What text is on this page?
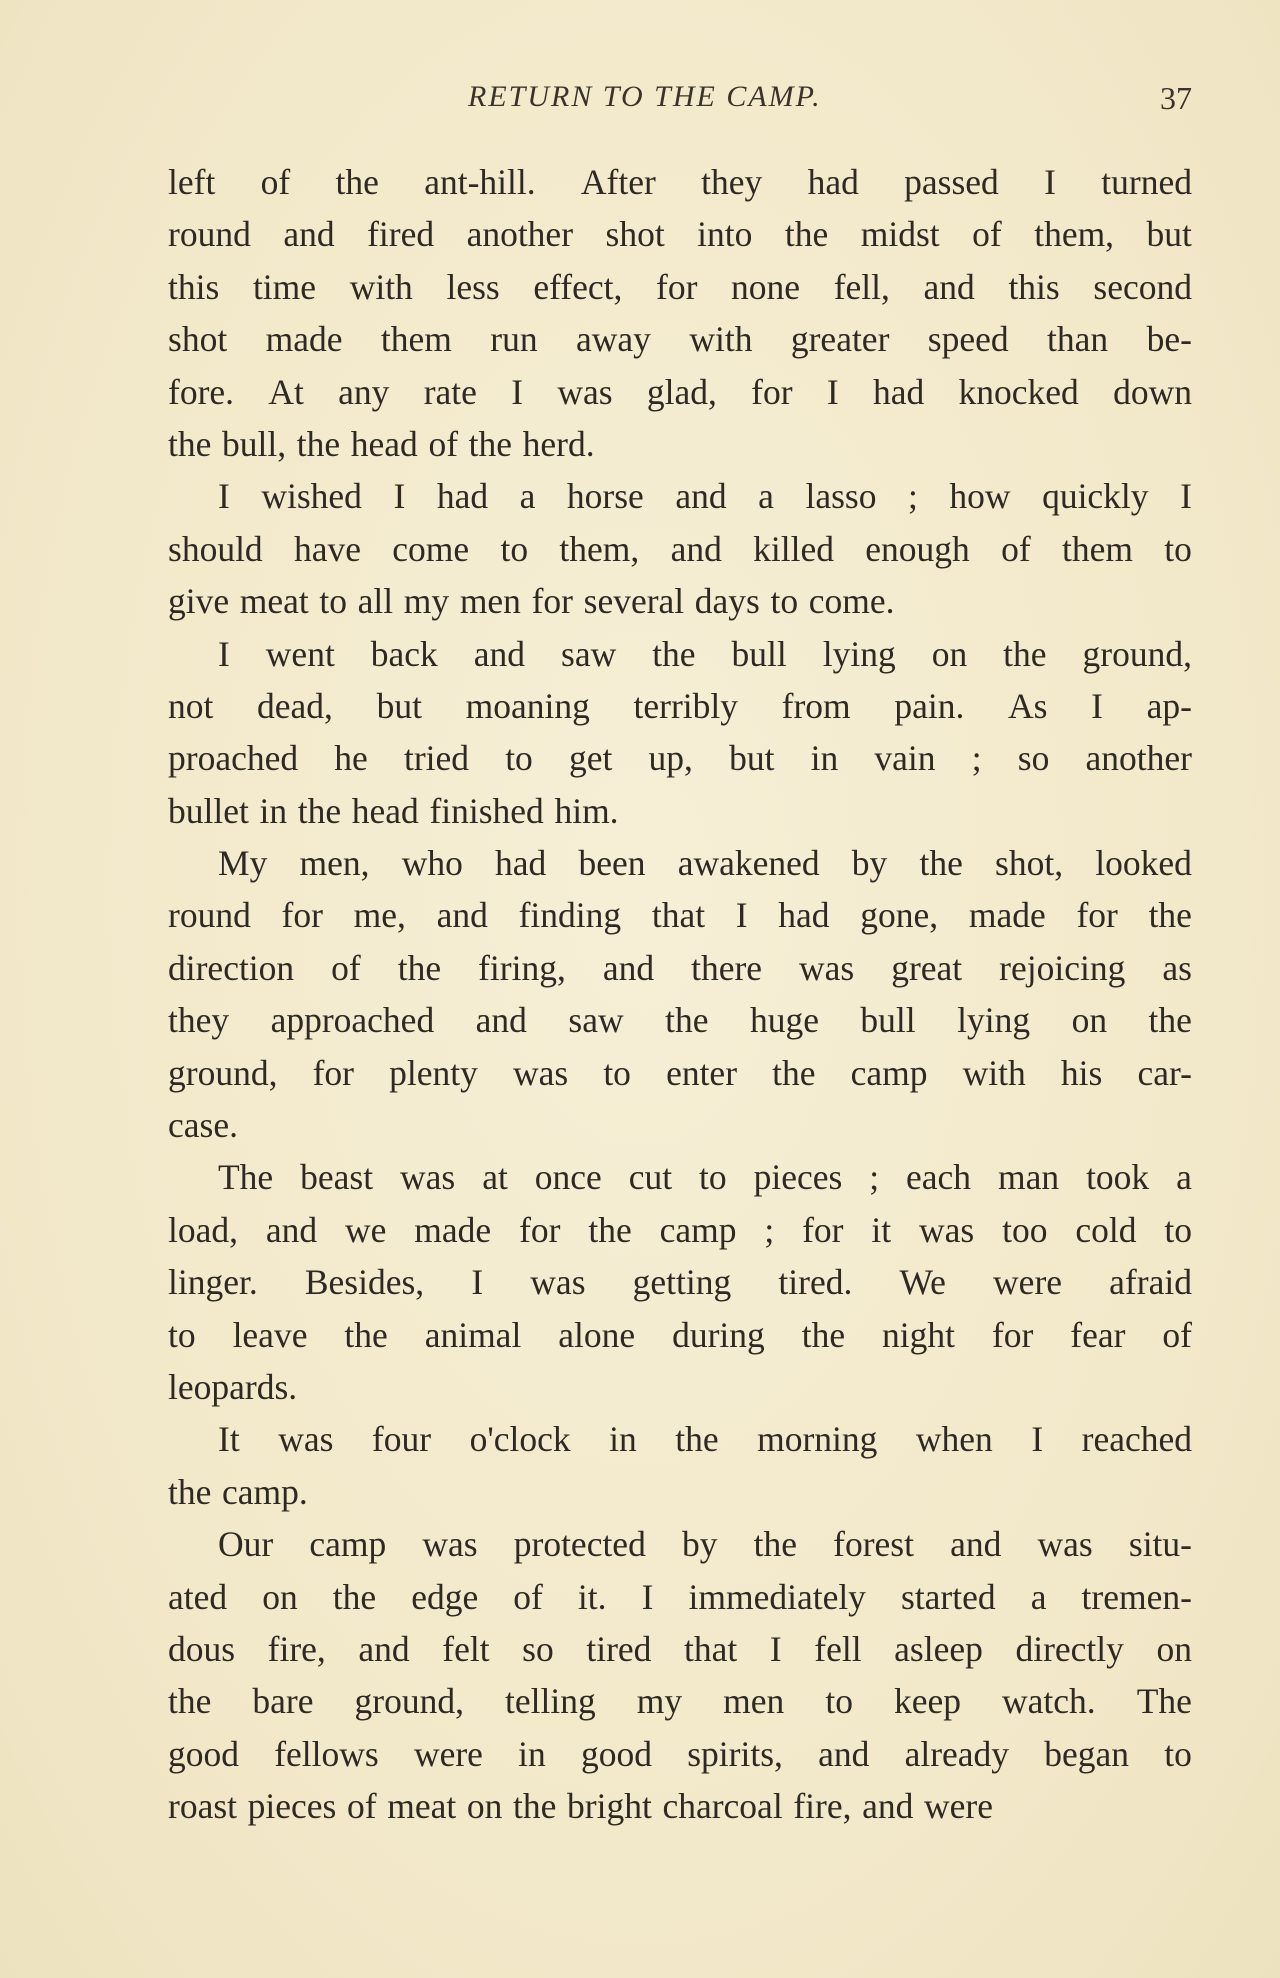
RETURN TO THE CAMP.	37
left of the ant-hill. After they had passed I turned
round and fired another shot into the midst of them, but
this time with less effect, for none fell, and this second
shot made them run away with greater speed than be-
fore. At any rate I was glad, for I had knocked down
the bull, the head of the herd.
I wished I had a horse and a lasso ; how quickly I
should have come to them, and killed enough of them to
give meat to all my men for several days to come.
I went back and saw the bull lying on the ground,
not dead, but moaning terribly from pain. As I ap-
proached he tried to get up, but in vain ; so another
bullet in the head finished him.
My men, who had been awakened by the shot, looked
round for me, and finding that I had gone, made for the
direction of the firing, and there was great rejoicing as
they approached and saw the huge bull lying on the
ground, for plenty was to enter the camp with his car-
case.
The beast was at once cut to pieces ; each man took a
load, and we made for the camp ; for it was too cold to
linger. Besides, I was getting tired. We were afraid
to leave the animal alone during the night for fear of
leopards.
It was four o'clock in the morning when I reached
the camp.
Our camp was protected by the forest and was situ-
ated on the edge of it. I immediately started a tremen-
dous fire, and felt so tired that I fell asleep directly on
the bare ground, telling my men to keep watch. The
good fellows were in good spirits, and already began to
roast pieces of meat on the bright charcoal fire, and were
